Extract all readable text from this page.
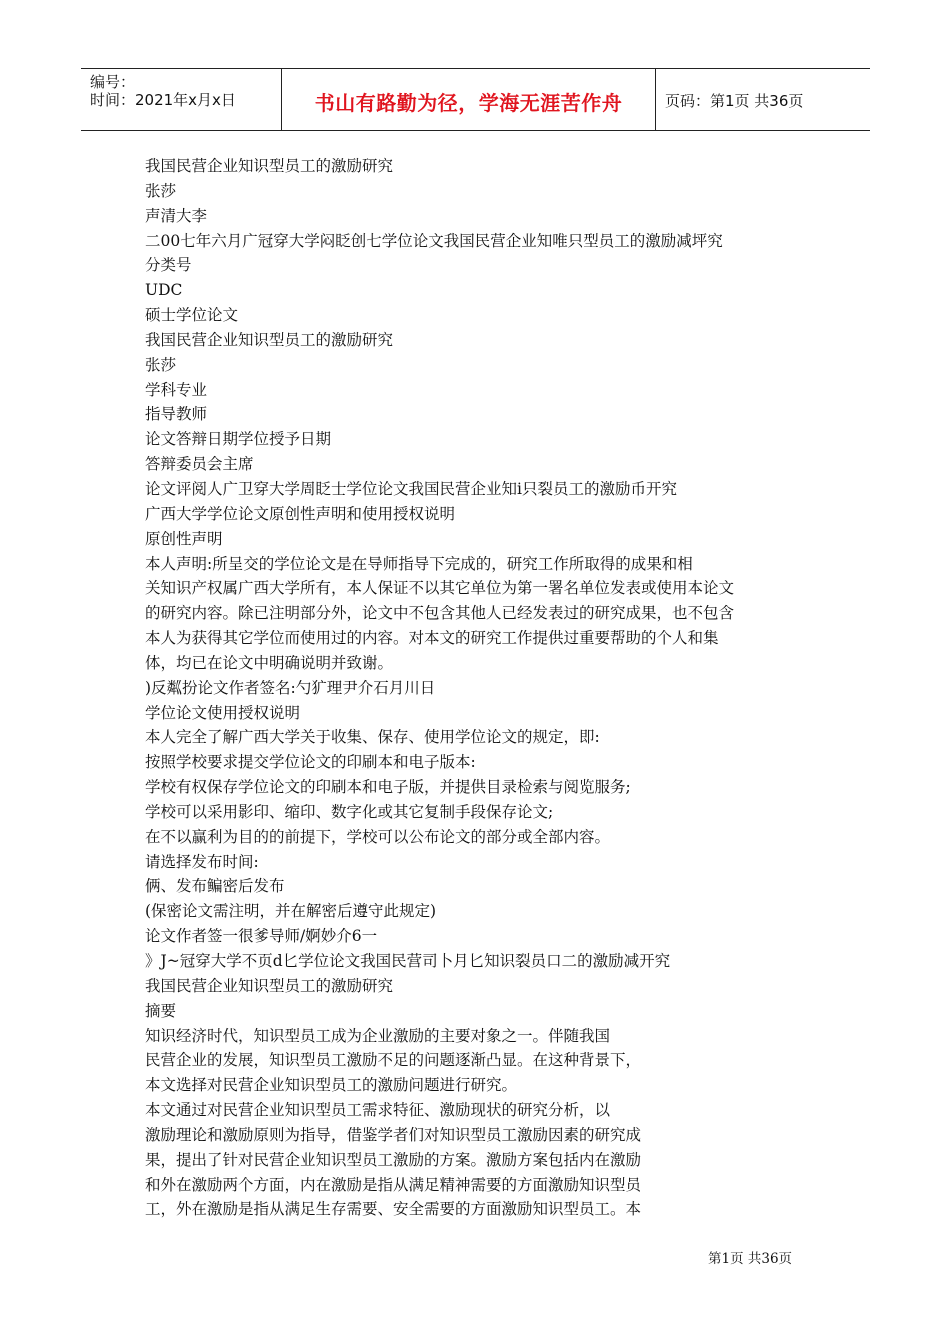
编号：
时间：2021年x月x日	书山有路勤为径，学海无涯苦作舟	页码：第1页 共36页
我国民营企业知识型员工的激励研究
张莎
声清大李
二00七年六月广冠穿大学闷眨创七学位论文我国民营企业知唯只型员工的激励减坪究
分类号
UDC
硕士学位论文
我国民营企业知识型员工的激励研究
张莎
学科专业
指导教师
论文答辩日期学位授予日期
答辩委员会主席
论文评阅人广卫穿大学周眨士学位论文我国民营企业知i只裂员工的激励币开究
广西大学学位论文原创性声明和使用授权说明
原创性声明
本人声明:所呈交的学位论文是在导师指导下完成的，研究工作所取得的成果和相
关知识产权属广西大学所有，本人保证不以其它单位为第一署名单位发表或使用本论文
的研究内容。除已注明部分外，论文中不包含其他人已经发表过的研究成果，也不包含
本人为获得其它学位而使用过的内容。对本文的研究工作提供过重要帮助的个人和集
体，均已在论文中明确说明并致谢。
)反粼扮论文作者签名:勺犷理尹介石月川日
学位论文使用授权说明
本人完全了解广西大学关于收集、保存、使用学位论文的规定，即:
按照学校要求提交学位论文的印刷本和电子版本:
学校有权保存学位论文的印刷本和电子版，并提供目录检索与阅览服务;
学校可以采用影印、缩印、数字化或其它复制手段保存论文;
在不以赢利为目的的前提下，学校可以公布论文的部分或全部内容。
请选择发布时间:
俩、发布鳊密后发布
(保密论文需注明，并在解密后遵守此规定)
论文作者签一很爹导师/婀妙介6一
》J~冠穿大学不页d匕学位论文我国民营司卜月匕知识裂员口二的激励减开究
我国民营企业知识型员工的激励研究
摘要
知识经济时代，知识型员工成为企业激励的主要对象之一。伴随我国
民营企业的发展，知识型员工激励不足的问题逐渐凸显。在这种背景下，
本文选择对民营企业知识型员工的激励问题进行研究。
本文通过对民营企业知识型员工需求特征、激励现状的研究分析，以
激励理论和激励原则为指导，借鉴学者们对知识型员工激励因素的研究成
果，提出了针对民营企业知识型员工激励的方案。激励方案包括内在激励
和外在激励两个方面，内在激励是指从满足精神需要的方面激励知识型员
工，外在激励是指从满足生存需要、安全需要的方面激励知识型员工。本
第1页 共36页
